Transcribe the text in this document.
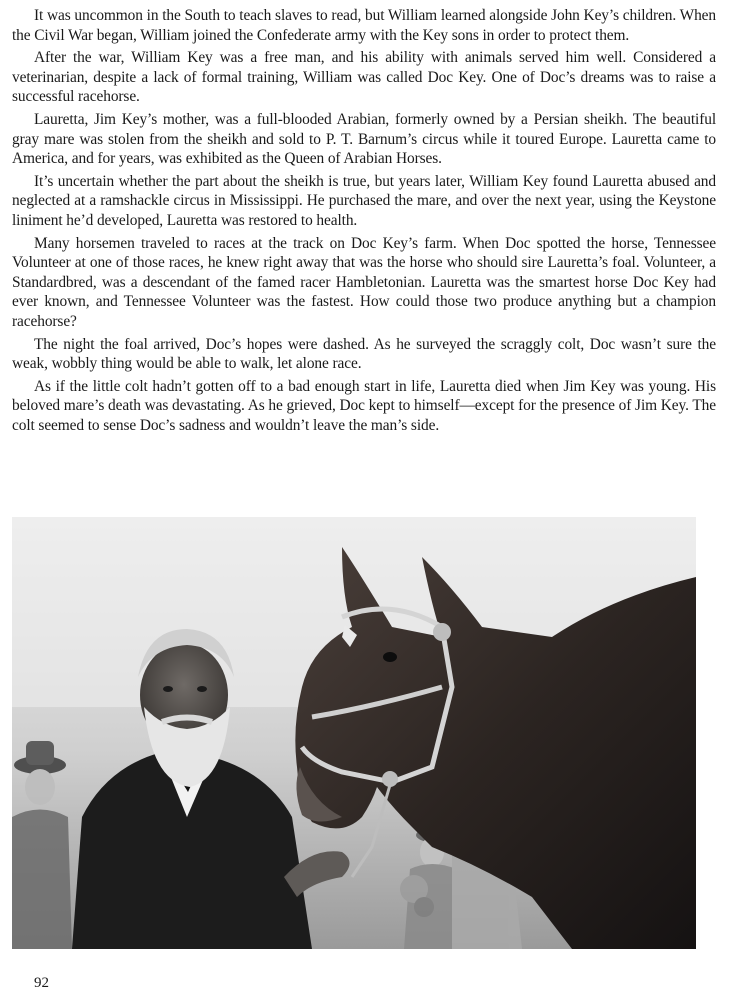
It was uncommon in the South to teach slaves to read, but William learned alongside John Key’s children. When the Civil War began, William joined the Confederate army with the Key sons in order to protect them.

After the war, William Key was a free man, and his ability with animals served him well. Considered a veterinarian, despite a lack of formal training, William was called Doc Key. One of Doc’s dreams was to raise a successful racehorse.

Lauretta, Jim Key’s mother, was a full-blooded Arabian, formerly owned by a Persian sheikh. The beautiful gray mare was stolen from the sheikh and sold to P. T. Barnum’s circus while it toured Europe. Lauretta came to America, and for years, was exhibited as the Queen of Arabian Horses.

It’s uncertain whether the part about the sheikh is true, but years later, William Key found Lauretta abused and neglected at a ramshackle circus in Mississippi. He purchased the mare, and over the next year, using the Keystone liniment he’d developed, Lauretta was restored to health.

Many horsemen traveled to races at the track on Doc Key’s farm. When Doc spotted the horse, Tennessee Volunteer at one of those races, he knew right away that was the horse who should sire Lauretta’s foal. Volunteer, a Standardbred, was a descendant of the famed racer Hambletonian. Lauretta was the smartest horse Doc Key had ever known, and Tennessee Volunteer was the fastest. How could those two produce anything but a champion racehorse?

The night the foal arrived, Doc’s hopes were dashed. As he surveyed the scraggly colt, Doc wasn’t sure the weak, wobbly thing would be able to walk, let alone race.

As if the little colt hadn’t gotten off to a bad enough start in life, Lauretta died when Jim Key was young. His beloved mare’s death was devastating. As he grieved, Doc kept to himself—except for the presence of Jim Key. The colt seemed to sense Doc’s sadness and wouldn’t leave the man’s side.

92
